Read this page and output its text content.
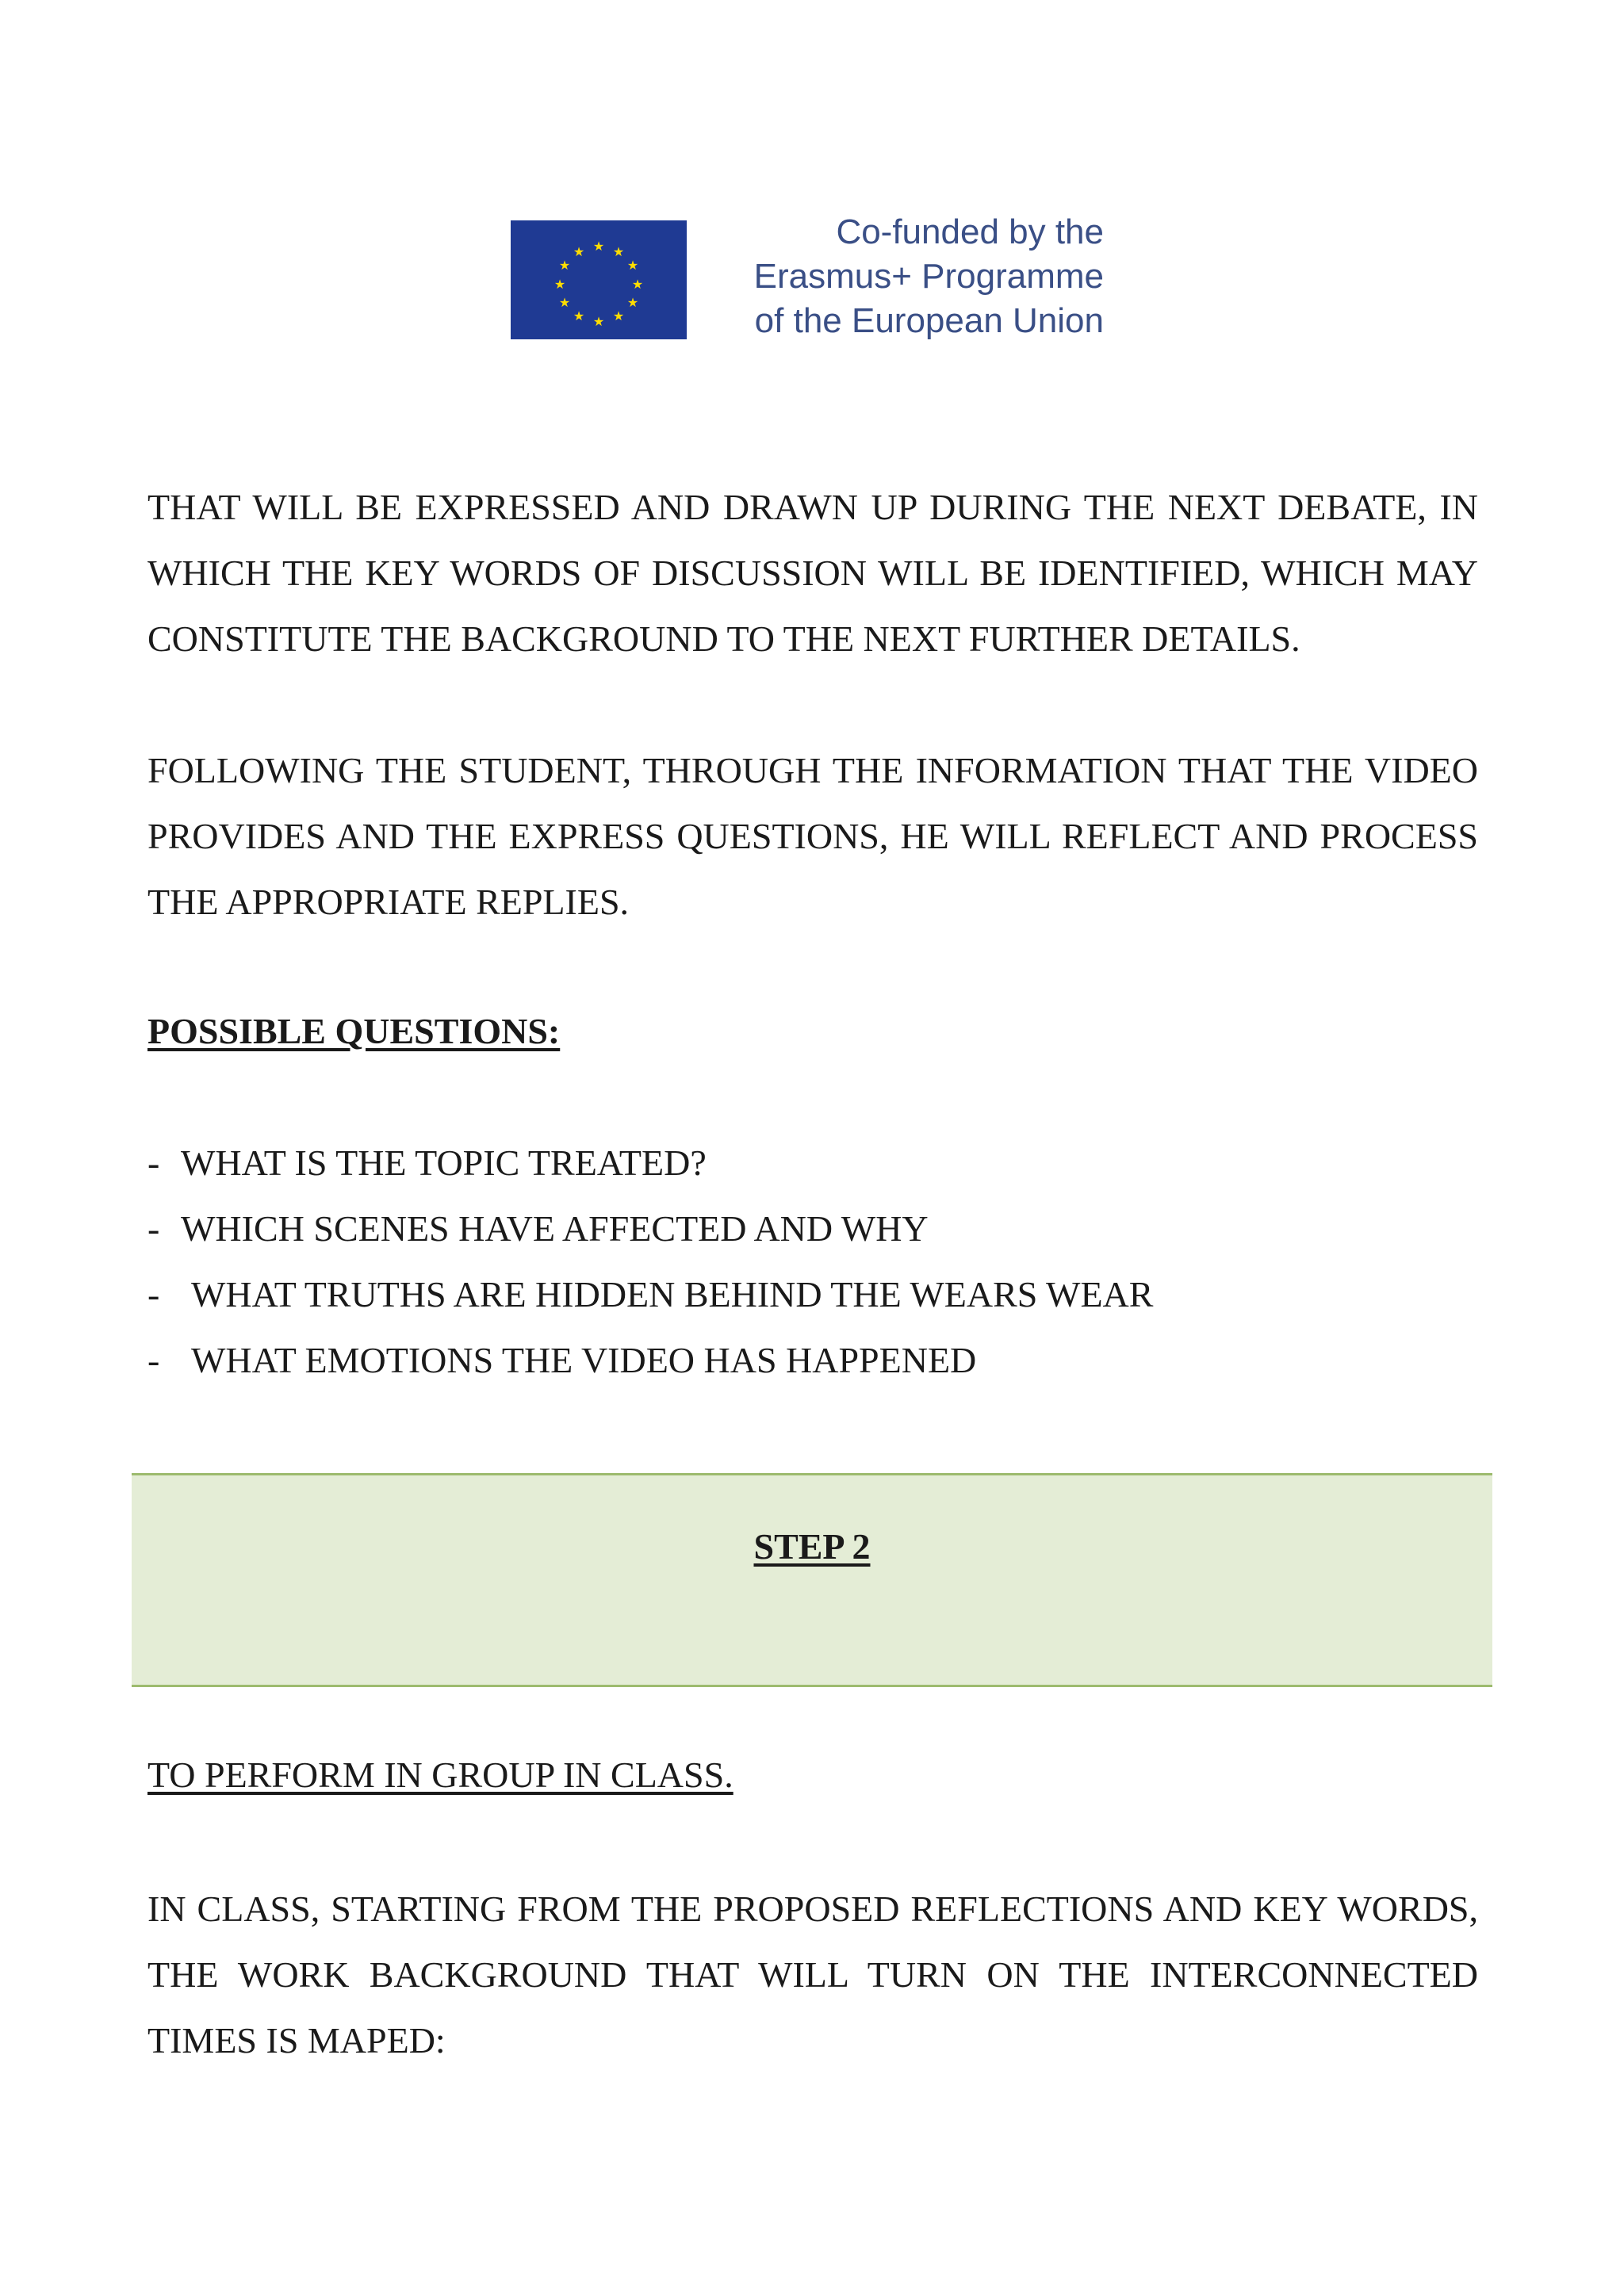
★ ★
★
★
★
★
★
★
★
★
★
★
Co-funded by the
Erasmus+ Programme
of the European Union

THAT WILL BE EXPRESSED AND DRAWN UP DURING THE NEXT DEBATE, IN WHICH THE KEY WORDS OF DISCUSSION WILL BE IDENTIFIED, WHICH MAY CONSTITUTE THE BACKGROUND TO THE NEXT FURTHER DETAILS.

FOLLOWING THE STUDENT, THROUGH THE INFORMATION THAT THE VIDEO PROVIDES AND THE EXPRESS QUESTIONS, HE WILL REFLECT AND PROCESS THE APPROPRIATE REPLIES.

POSSIBLE QUESTIONS:
- WHAT IS THE TOPIC TREATED?
- WHICH SCENES HAVE AFFECTED AND WHY
- WHAT TRUTHS ARE HIDDEN BEHIND THE WEARS WEAR
- WHAT EMOTIONS THE VIDEO HAS HAPPENED
STEP 2

TO PERFORM IN GROUP IN CLASS.

IN CLASS, STARTING FROM THE PROPOSED REFLECTIONS AND KEY WORDS, THE WORK BACKGROUND THAT WILL TURN ON THE INTERCONNECTED TIMES IS MAPED:
